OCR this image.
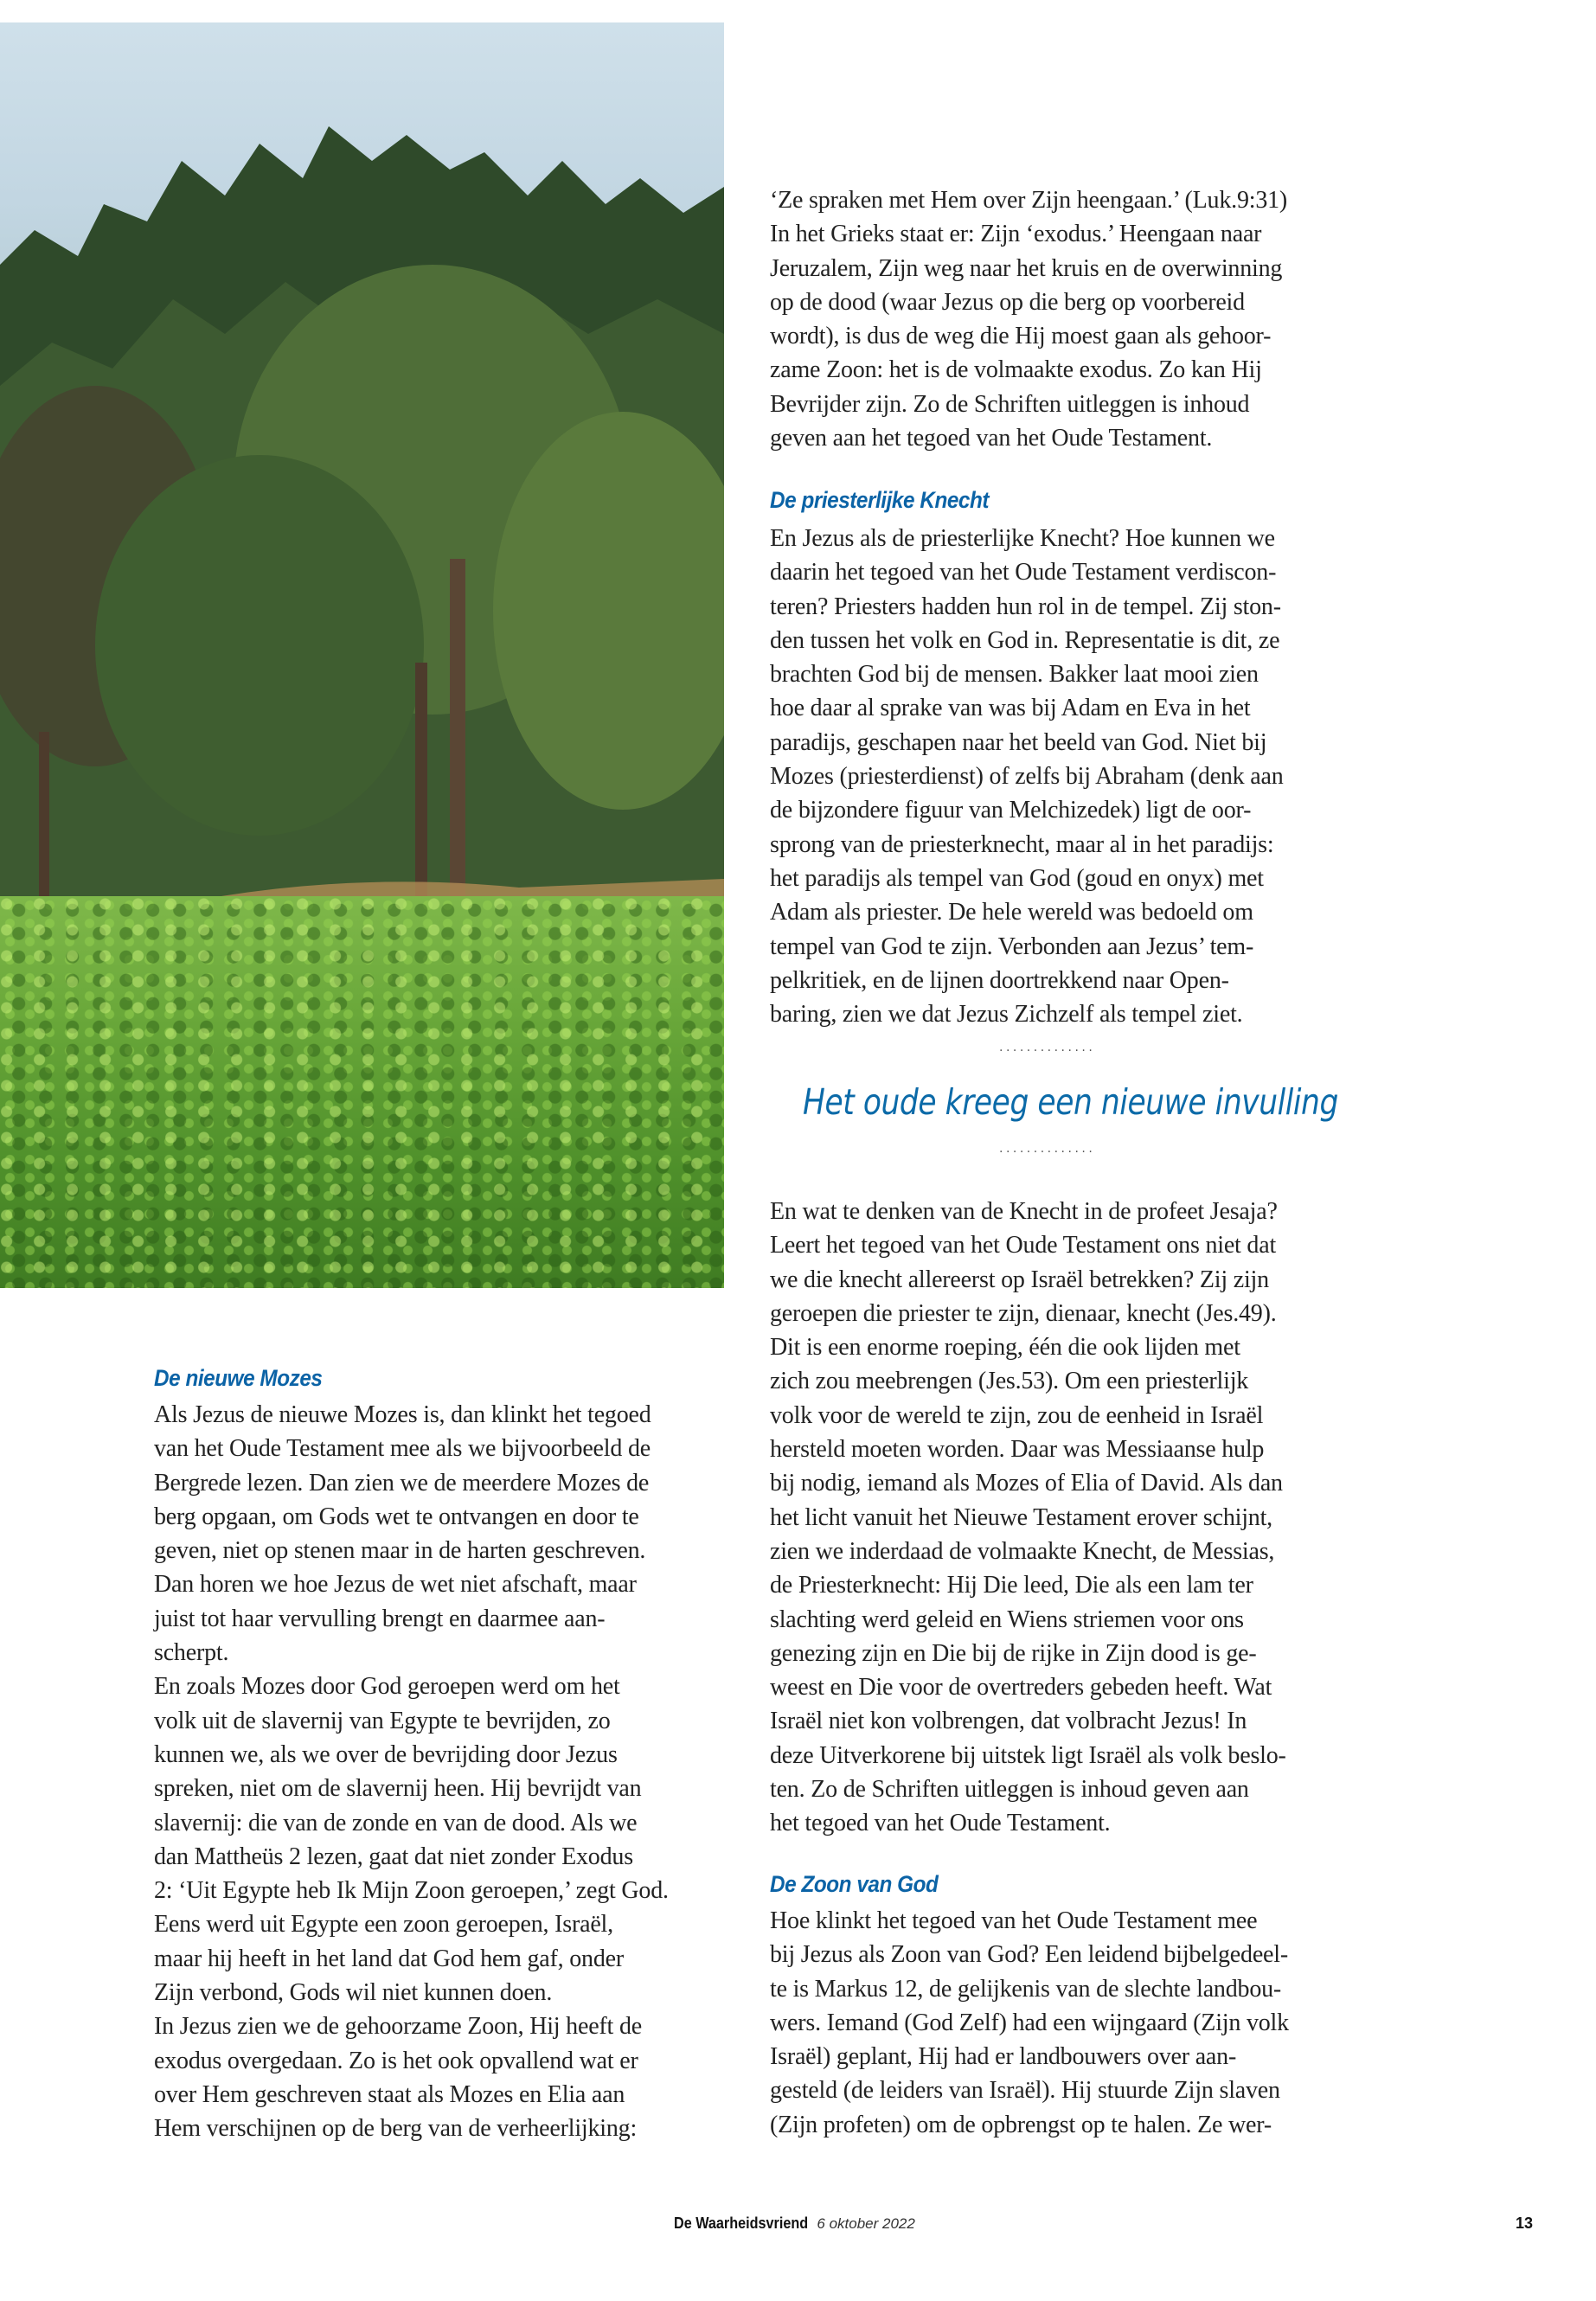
De nieuwe Mozes
Als Jezus de nieuwe Mozes is, dan klinkt het tegoed
van het Oude Testament mee als we bijvoorbeeld de
Bergrede lezen. Dan zien we de meerdere Mozes de
berg opgaan, om Gods wet te ontvangen en door te
geven, niet op stenen maar in de harten geschreven.
Dan horen we hoe Jezus de wet niet afschaft, maar
juist tot haar vervulling brengt en daarmee aan-
scherpt.
En zoals Mozes door God geroepen werd om het
volk uit de slavernij van Egypte te bevrijden, zo
kunnen we, als we over de bevrijding door Jezus
spreken, niet om de slavernij heen. Hij bevrijdt van
slavernij: die van de zonde en van de dood. Als we
dan Mattheüs 2 lezen, gaat dat niet zonder Exodus
2: ‘Uit Egypte heb Ik Mijn Zoon geroepen,’ zegt God.
Eens werd uit Egypte een zoon geroepen, Israël,
maar hij heeft in het land dat God hem gaf, onder
Zijn verbond, Gods wil niet kunnen doen.
In Jezus zien we de gehoorzame Zoon, Hij heeft de
exodus overgedaan. Zo is het ook opvallend wat er
over Hem geschreven staat als Mozes en Elia aan
Hem verschijnen op de berg van de verheerlijking:
‘Ze spraken met Hem over Zijn heengaan.’ (Luk.9:31)
In het Grieks staat er: Zijn ‘exodus.’ Heengaan naar
Jeruzalem, Zijn weg naar het kruis en de overwinning
op de dood (waar Jezus op die berg op voorbereid
wordt), is dus de weg die Hij moest gaan als gehoor-
zame Zoon: het is de volmaakte exodus. Zo kan Hij
Bevrijder zijn. Zo de Schriften uitleggen is inhoud
geven aan het tegoed van het Oude Testament.
De priesterlijke Knecht
En Jezus als de priesterlijke Knecht? Hoe kunnen we
daarin het tegoed van het Oude Testament verdiscon-
teren? Priesters hadden hun rol in de tempel. Zij ston-
den tussen het volk en God in. Representatie is dit, ze
brachten God bij de mensen. Bakker laat mooi zien
hoe daar al sprake van was bij Adam en Eva in het
paradijs, geschapen naar het beeld van God. Niet bij
Mozes (priesterdienst) of zelfs bij Abraham (denk aan
de bijzondere figuur van Melchizedek) ligt de oor-
sprong van de priesterknecht, maar al in het paradijs:
het paradijs als tempel van God (goud en onyx) met
Adam als priester. De hele wereld was bedoeld om
tempel van God te zijn. Verbonden aan Jezus’ tem-
pelkritiek, en de lijnen doortrekkend naar Open-
baring, zien we dat Jezus Zichzelf als tempel ziet.
..............
Het oude kreeg een nieuwe invulling
..............
En wat te denken van de Knecht in de profeet Jesaja?
Leert het tegoed van het Oude Testament ons niet dat
we die knecht allereerst op Israël betrekken? Zij zijn
geroepen die priester te zijn, dienaar, knecht (Jes.49).
Dit is een enorme roeping, één die ook lijden met
zich zou meebrengen (Jes.53). Om een priesterlijk
volk voor de wereld te zijn, zou de eenheid in Israël
hersteld moeten worden. Daar was Messiaanse hulp
bij nodig, iemand als Mozes of Elia of David. Als dan
het licht vanuit het Nieuwe Testament erover schijnt,
zien we inderdaad de volmaakte Knecht, de Messias,
de Priesterknecht: Hij Die leed, Die als een lam ter
slachting werd geleid en Wiens striemen voor ons
genezing zijn en Die bij de rijke in Zijn dood is ge-
weest en Die voor de overtreders gebeden heeft. Wat
Israël niet kon volbrengen, dat volbracht Jezus! In
deze Uitverkorene bij uitstek ligt Israël als volk beslo-
ten. Zo de Schriften uitleggen is inhoud geven aan
het tegoed van het Oude Testament.
De Zoon van God
Hoe klinkt het tegoed van het Oude Testament mee
bij Jezus als Zoon van God? Een leidend bijbelgedeel-
te is Markus 12, de gelijkenis van de slechte landbou-
wers. Iemand (God Zelf) had een wijngaard (Zijn volk
Israël) geplant, Hij had er landbouwers over aan-
gesteld (de leiders van Israël). Hij stuurde Zijn slaven
(Zijn profeten) om de opbrengst op te halen. Ze wer-
De Waarheidsvriend 6 oktober 2022	13
